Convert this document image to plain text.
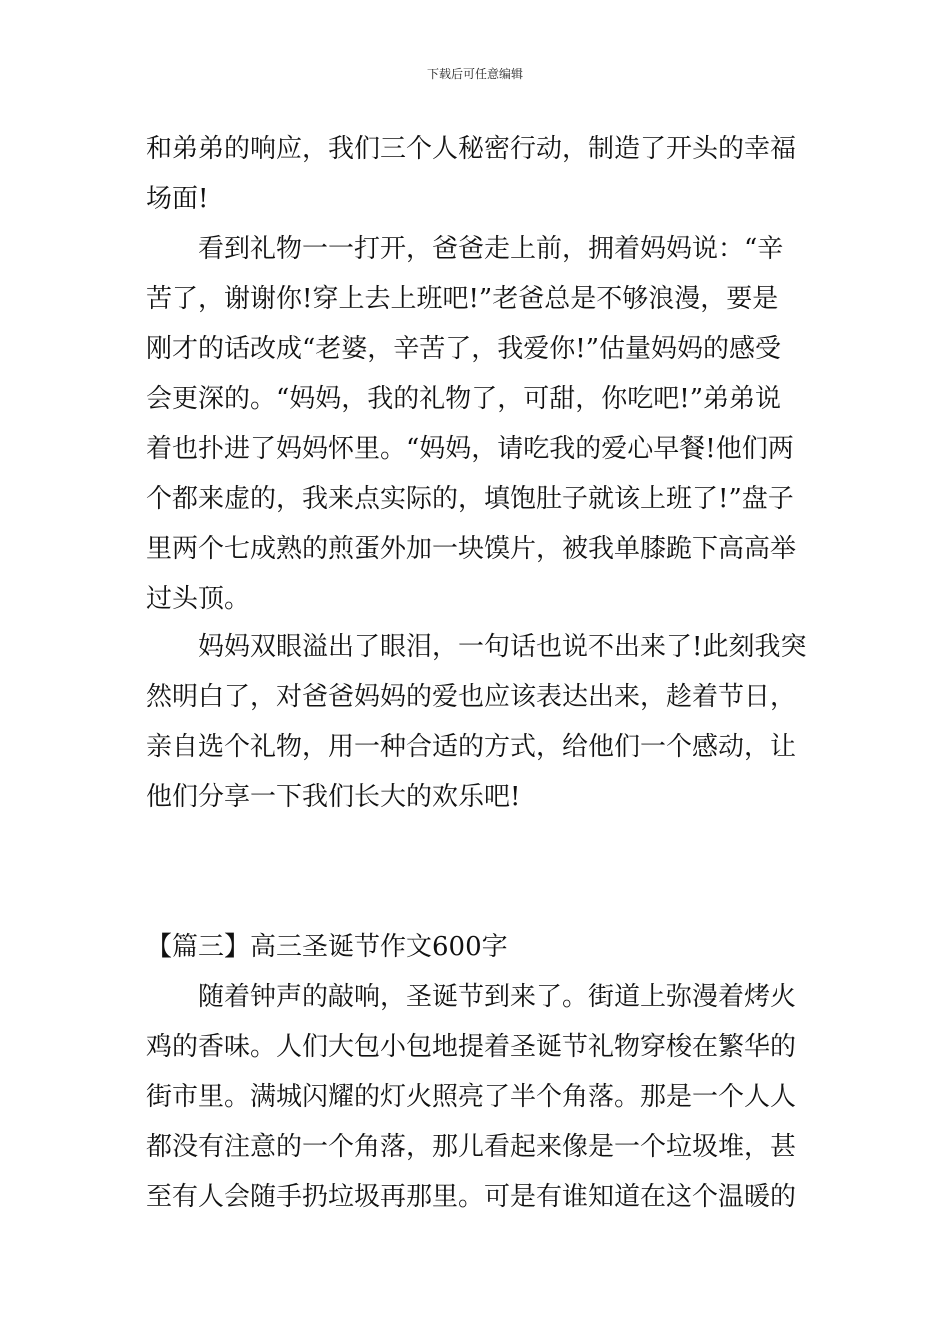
下载后可任意编辑
和弟弟的响应，我们三个人秘密行动，制造了开头的幸福
场面!
　　看到礼物一一打开，爸爸走上前，拥着妈妈说：“辛
苦了，谢谢你!穿上去上班吧!”老爸总是不够浪漫，要是
刚才的话改成“老婆，辛苦了，我爱你!”估量妈妈的感受
会更深的。“妈妈，我的礼物了，可甜，你吃吧!”弟弟说
着也扑进了妈妈怀里。“妈妈，请吃我的爱心早餐!他们两
个都来虚的，我来点实际的，填饱肚子就该上班了!”盘子
里两个七成熟的煎蛋外加一块馍片，被我单膝跪下高高举
过头顶。
　　妈妈双眼溢出了眼泪，一句话也说不出来了!此刻我突
然明白了，对爸爸妈妈的爱也应该表达出来，趁着节日，
亲自选个礼物，用一种合适的方式，给他们一个感动，让
他们分享一下我们长大的欢乐吧!
【篇三】高三圣诞节作文600字
　　随着钟声的敲响，圣诞节到来了。街道上弥漫着烤火
鸡的香味。人们大包小包地提着圣诞节礼物穿梭在繁华的
街市里。满城闪耀的灯火照亮了半个角落。那是一个人人
都没有注意的一个角落，那儿看起来像是一个垃圾堆，甚
至有人会随手扔垃圾再那里。可是有谁知道在这个温暖的
